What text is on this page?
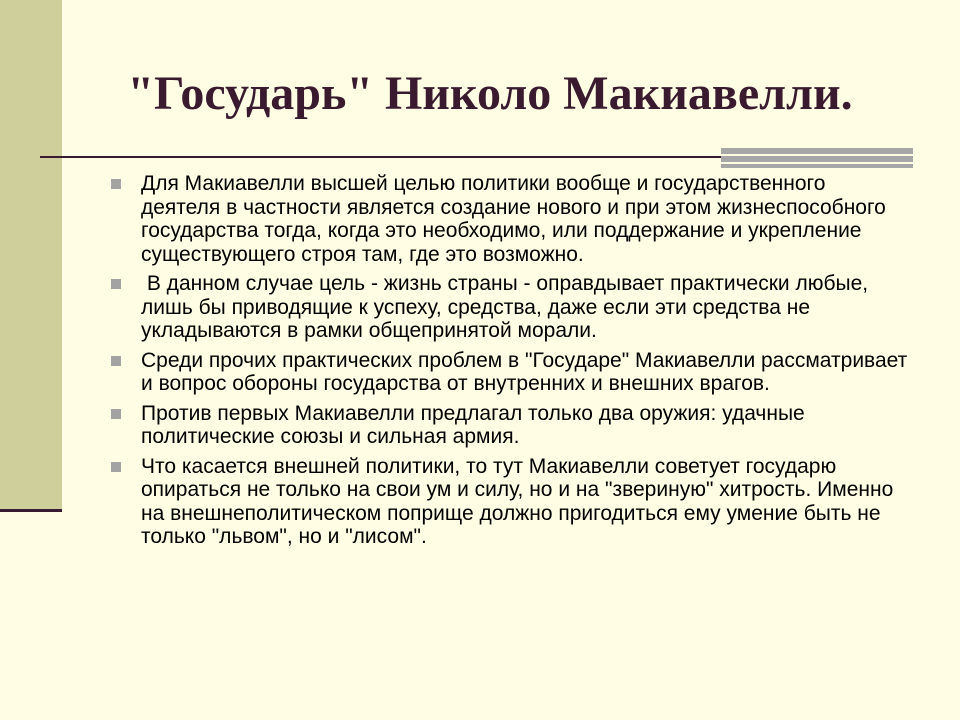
"Государь" Николо Макиавелли.
Для Макиавелли высшей целью политики вообще и государственного деятеля в частности является создание нового и при этом жизнеспособного государства тогда, когда это необходимо, или поддержание и укрепление существующего строя там, где это возможно.
В данном случае цель - жизнь страны - оправдывает практически любые, лишь бы приводящие к успеху, средства, даже если эти средства не укладываются в рамки общепринятой морали.
Среди прочих практических проблем в "Государе" Макиавелли рассматривает и вопрос обороны государства от внутренних и внешних врагов.
Против первых Макиавелли предлагал только два оружия: удачные политические союзы и сильная армия.
Что касается внешней политики, то тут Макиавелли советует государю опираться не только на свои ум и силу, но и на "звериную" хитрость. Именно на внешнеполитическом поприще должно пригодиться ему умение быть не только "львом", но и "лисом".
